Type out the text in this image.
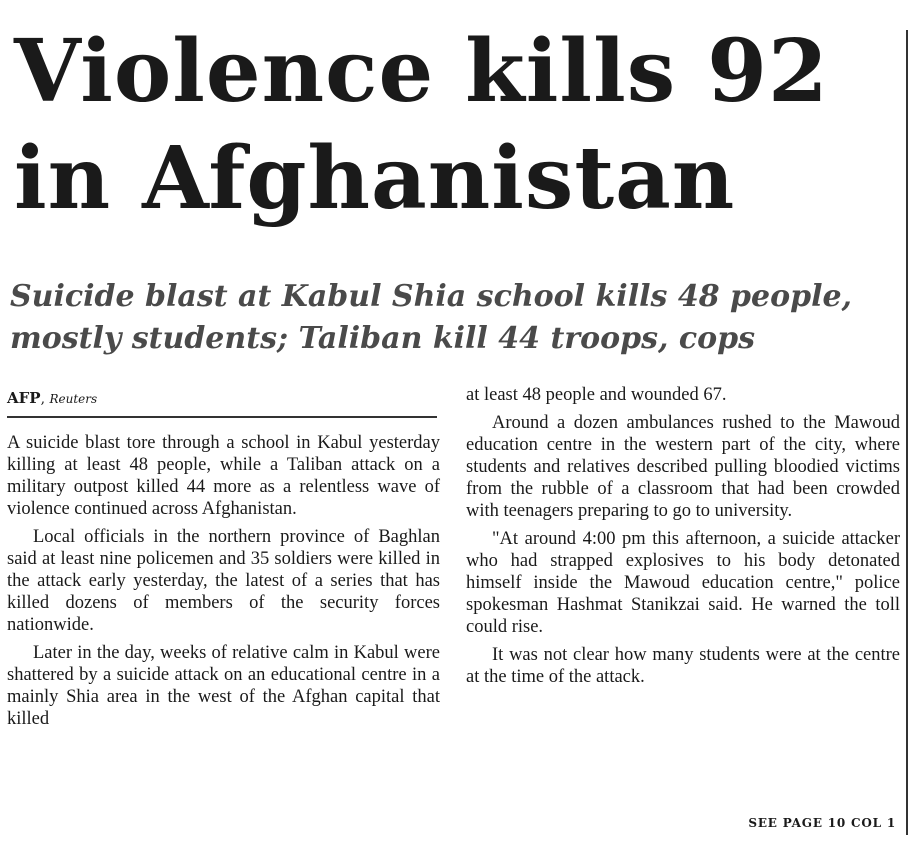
Violence kills 92
in Afghanistan
Suicide blast at Kabul Shia school kills 48 people,
mostly students; Taliban kill 44 troops, cops
AFP, Reuters

A suicide blast tore through a school in Kabul yesterday killing at least 48 people, while a Taliban attack on a military outpost killed 44 more as a relentless wave of violence continued across Afghanistan.

Local officials in the northern province of Baghlan said at least nine policemen and 35 soldiers were killed in the attack early yesterday, the latest of a series that has killed dozens of members of the security forces nationwide.

Later in the day, weeks of relative calm in Kabul were shattered by a suicide attack on an educational centre in a mainly Shia area in the west of the Afghan capital that killed

at least 48 people and wounded 67.

Around a dozen ambulances rushed to the Mawoud education centre in the western part of the city, where students and relatives described pulling bloodied victims from the rubble of a classroom that had been crowded with teenagers preparing to go to university.

"At around 4:00 pm this afternoon, a suicide attacker who had strapped explosives to his body detonated himself inside the Mawoud education centre," police spokesman Hashmat Stanikzai said. He warned the toll could rise.

It was not clear how many students were at the centre at the time of the attack.

SEE PAGE 10 COL 1
